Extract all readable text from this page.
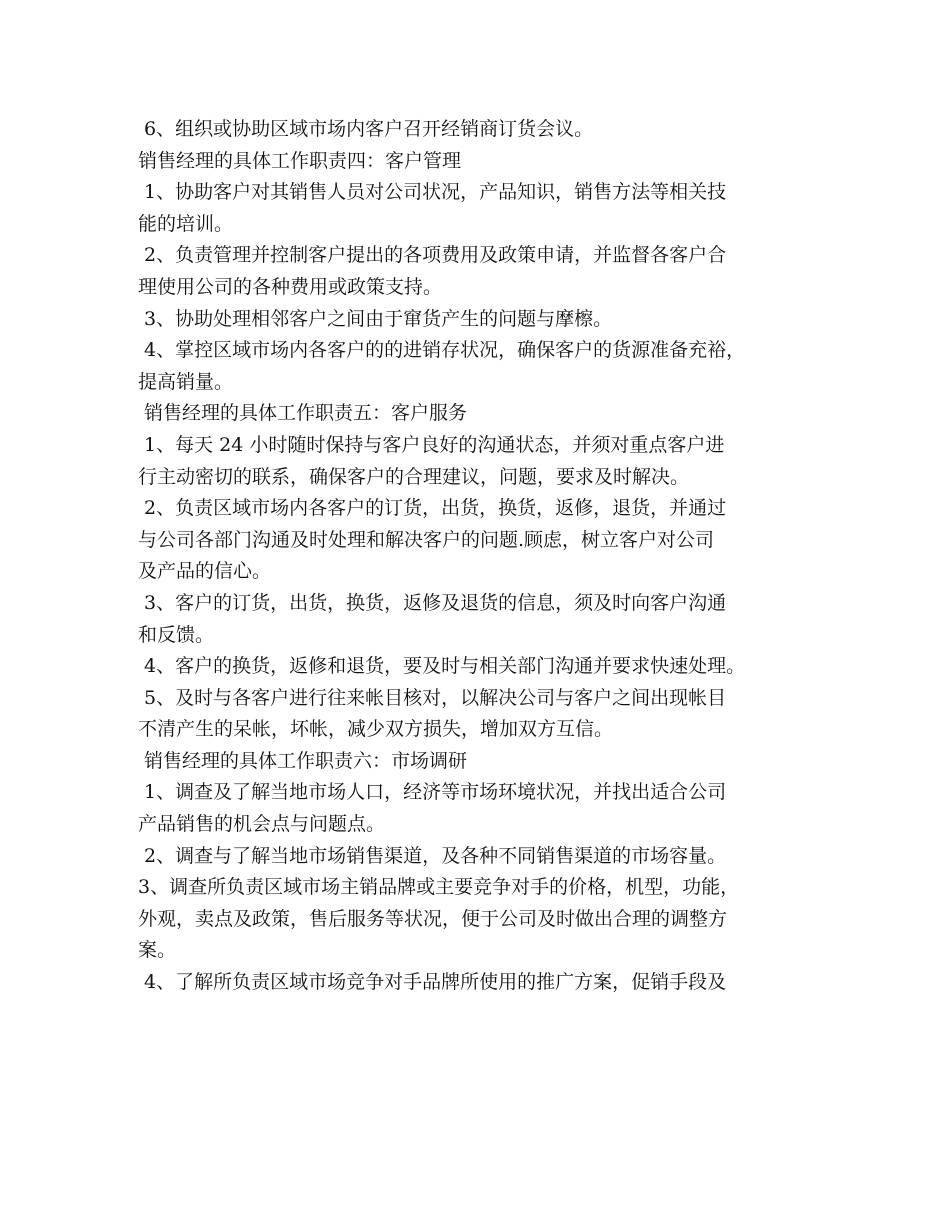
6、组织或协助区域市场内客户召开经销商订货会议。
销售经理的具体工作职责四：客户管理
1、协助客户对其销售人员对公司状况，产品知识，销售方法等相关技
能的培训。
2、负责管理并控制客户提出的各项费用及政策申请，并监督各客户合
理使用公司的各种费用或政策支持。
3、协助处理相邻客户之间由于窜货产生的问题与摩檫。
4、掌控区域市场内各客户的的进销存状况，确保客户的货源准备充裕，
提高销量。
销售经理的具体工作职责五：客户服务
1、每天 24 小时随时保持与客户良好的沟通状态，并须对重点客户进
行主动密切的联系，确保客户的合理建议，问题，要求及时解决。
2、负责区域市场内各客户的订货，出货，换货，返修，退货，并通过
与公司各部门沟通及时处理和解决客户的问题.顾虑，树立客户对公司
及产品的信心。
3、客户的订货，出货，换货，返修及退货的信息，须及时向客户沟通
和反馈。
4、客户的换货，返修和退货，要及时与相关部门沟通并要求快速处理。
5、及时与各客户进行往来帐目核对，以解决公司与客户之间出现帐目
不清产生的呆帐，坏帐，减少双方损失，增加双方互信。
销售经理的具体工作职责六：市场调研
1、调查及了解当地市场人口，经济等市场环境状况，并找出适合公司
产品销售的机会点与问题点。
2、调查与了解当地市场销售渠道，及各种不同销售渠道的市场容量。
3、调查所负责区域市场主销品牌或主要竞争对手的价格，机型，功能，
外观，卖点及政策，售后服务等状况，便于公司及时做出合理的调整方
案。
4、了解所负责区域市场竞争对手品牌所使用的推广方案，促销手段及
